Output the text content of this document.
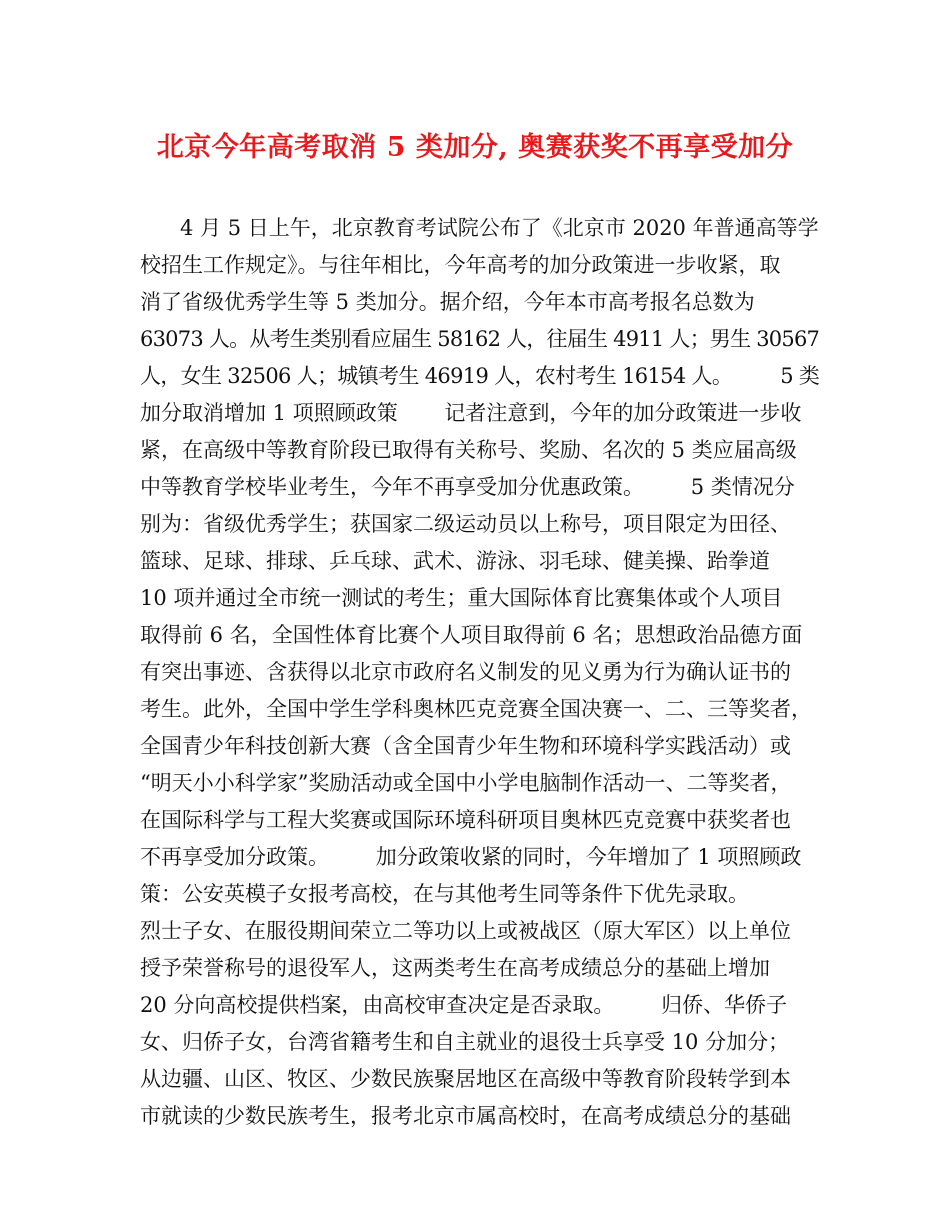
北京今年高考取消 5 类加分, 奥赛获奖不再享受加分
4 月 5 日上午，北京教育考试院公布了《北京市 2020 年普通高等学
校招生工作规定》。与往年相比，今年高考的加分政策进一步收紧，取
消了省级优秀学生等 5 类加分。据介绍，今年本市高考报名总数为
63073 人。从考生类别看应届生 58162 人，往届生 4911 人；男生 30567
人，女生 32506 人；城镇考生 46919 人，农村考生 16154 人。        5 类
加分取消增加 1 项照顾政策       记者注意到，今年的加分政策进一步收
紧，在高级中等教育阶段已取得有关称号、奖励、名次的 5 类应届高级
中等教育学校毕业考生，今年不再享受加分优惠政策。       5 类情况分
别为：省级优秀学生；获国家二级运动员以上称号，项目限定为田径、
篮球、足球、排球、乒乓球、武术、游泳、羽毛球、健美操、跆拳道
10 项并通过全市统一测试的考生；重大国际体育比赛集体或个人项目
取得前 6 名，全国性体育比赛个人项目取得前 6 名；思想政治品德方面
有突出事迹、含获得以北京市政府名义制发的见义勇为行为确认证书的
考生。此外，全国中学生学科奥林匹克竞赛全国决赛一、二、三等奖者，
全国青少年科技创新大赛（含全国青少年生物和环境科学实践活动）或
“明天小小科学家”奖励活动或全国中小学电脑制作活动一、二等奖者，
在国际科学与工程大奖赛或国际环境科研项目奥林匹克竞赛中获奖者也
不再享受加分政策。       加分政策收紧的同时，今年增加了 1 项照顾政
策：公安英模子女报考高校，在与其他考生同等条件下优先录取。
烈士子女、在服役期间荣立二等功以上或被战区（原大军区）以上单位
授予荣誉称号的退役军人，这两类考生在高考成绩总分的基础上增加
20 分向高校提供档案，由高校审查决定是否录取。       归侨、华侨子
女、归侨子女，台湾省籍考生和自主就业的退役士兵享受 10 分加分；
从边疆、山区、牧区、少数民族聚居地区在高级中等教育阶段转学到本
市就读的少数民族考生，报考北京市属高校时，在高考成绩总分的基础
